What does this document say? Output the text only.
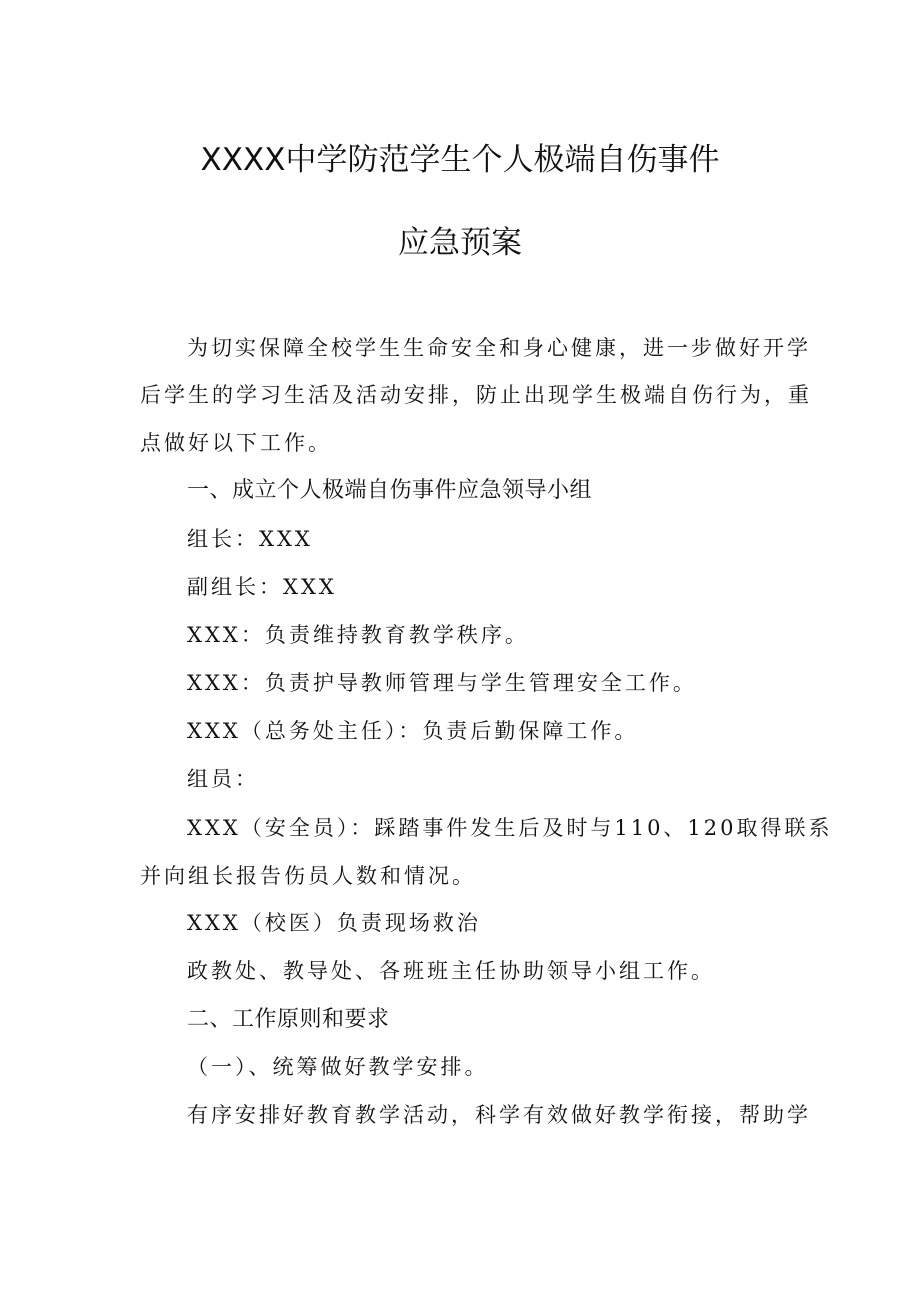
XXXX中学防范学生个人极端自伤事件
应急预案
为切实保障全校学生生命安全和身心健康，进一步做好开学
后学生的学习生活及活动安排，防止出现学生极端自伤行为，重
点做好以下工作。
一、成立个人极端自伤事件应急领导小组
组长：XXX
副组长：XXX
XXX：负责维持教育教学秩序。
XXX：负责护导教师管理与学生管理安全工作。
XXX（总务处主任）：负责后勤保障工作。
组员：
XXX（安全员）：踩踏事件发生后及时与110、120取得联系
并向组长报告伤员人数和情况。
XXX（校医）负责现场救治
政教处、教导处、各班班主任协助领导小组工作。
二、工作原则和要求
（一）、统筹做好教学安排。
有序安排好教育教学活动，科学有效做好教学衔接，帮助学
